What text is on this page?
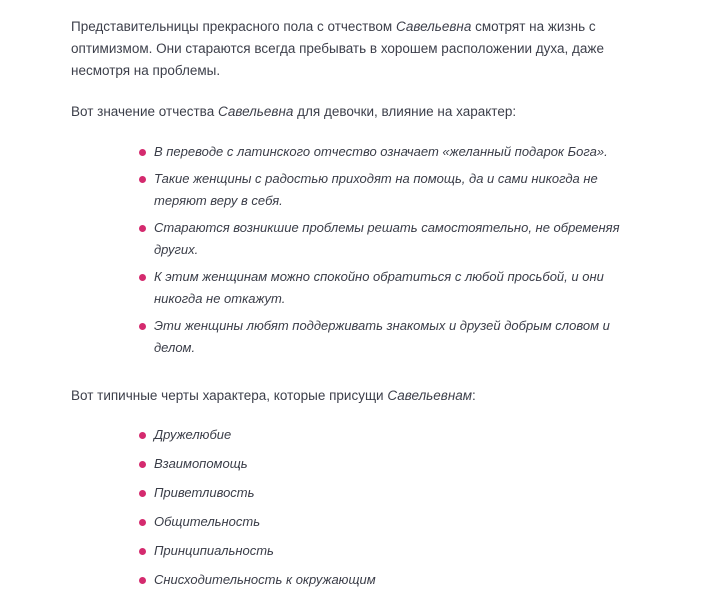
Представительницы прекрасного пола с отчеством Савельевна смотрят на жизнь с оптимизмом. Они стараются всегда пребывать в хорошем расположении духа, даже несмотря на проблемы.

Вот значение отчества Савельевна для девочки, влияние на характер:

В переводе с латинского отчество означает «желанный подарок Бога».
Такие женщины с радостью приходят на помощь, да и сами никогда не теряют веру в себя.
Стараются возникшие проблемы решать самостоятельно, не обременяя других.
К этим женщинам можно спокойно обратиться с любой просьбой, и они никогда не откажут.
Эти женщины любят поддерживать знакомых и друзей добрым словом и делом.

Вот типичные черты характера, которые присущи Савельевнам:

Дружелюбие
Взаимопомощь
Приветливость
Общительность
Принципиальность
Снисходительность к окружающим
